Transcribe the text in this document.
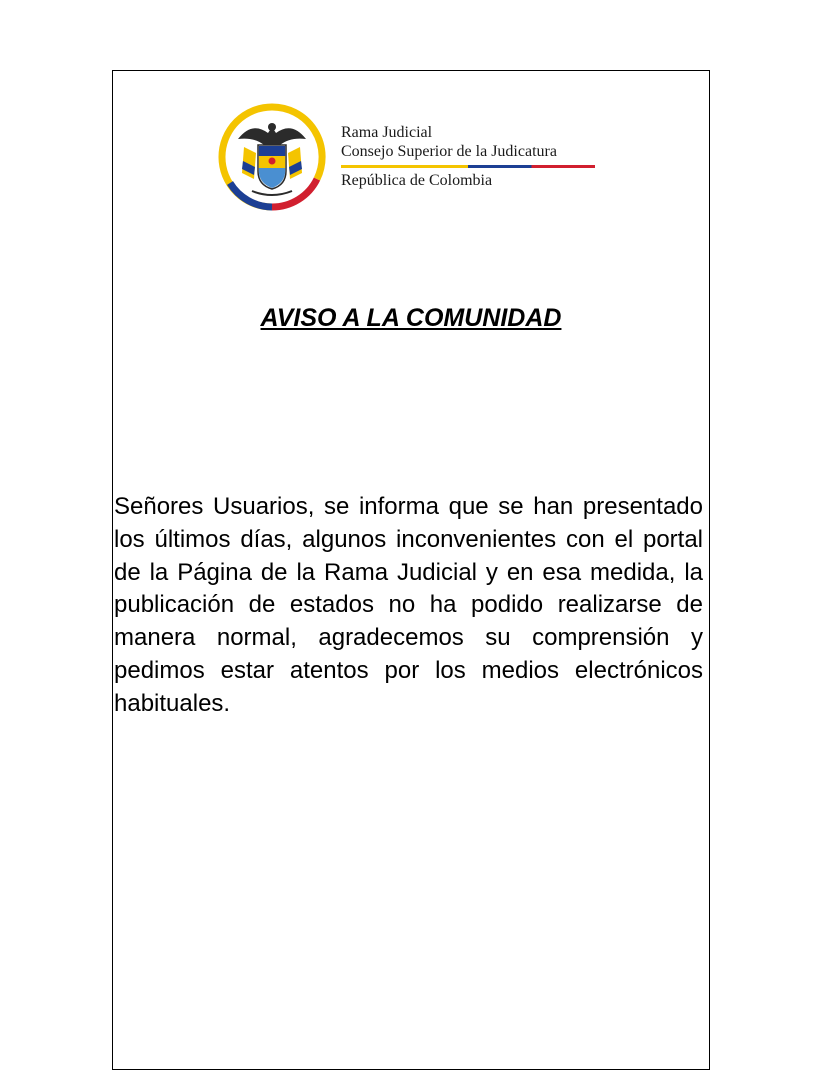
Rama Judicial
Consejo Superior de la Judicatura
República de Colombia
AVISO A LA COMUNIDAD

Señores Usuarios, se informa que se han presentado los últimos días, algunos inconvenientes con el portal de la Página de la Rama Judicial y en esa medida, la publicación de estados no ha podido realizarse de manera normal, agradecemos su comprensión y pedimos estar atentos por los medios electrónicos habituales.
